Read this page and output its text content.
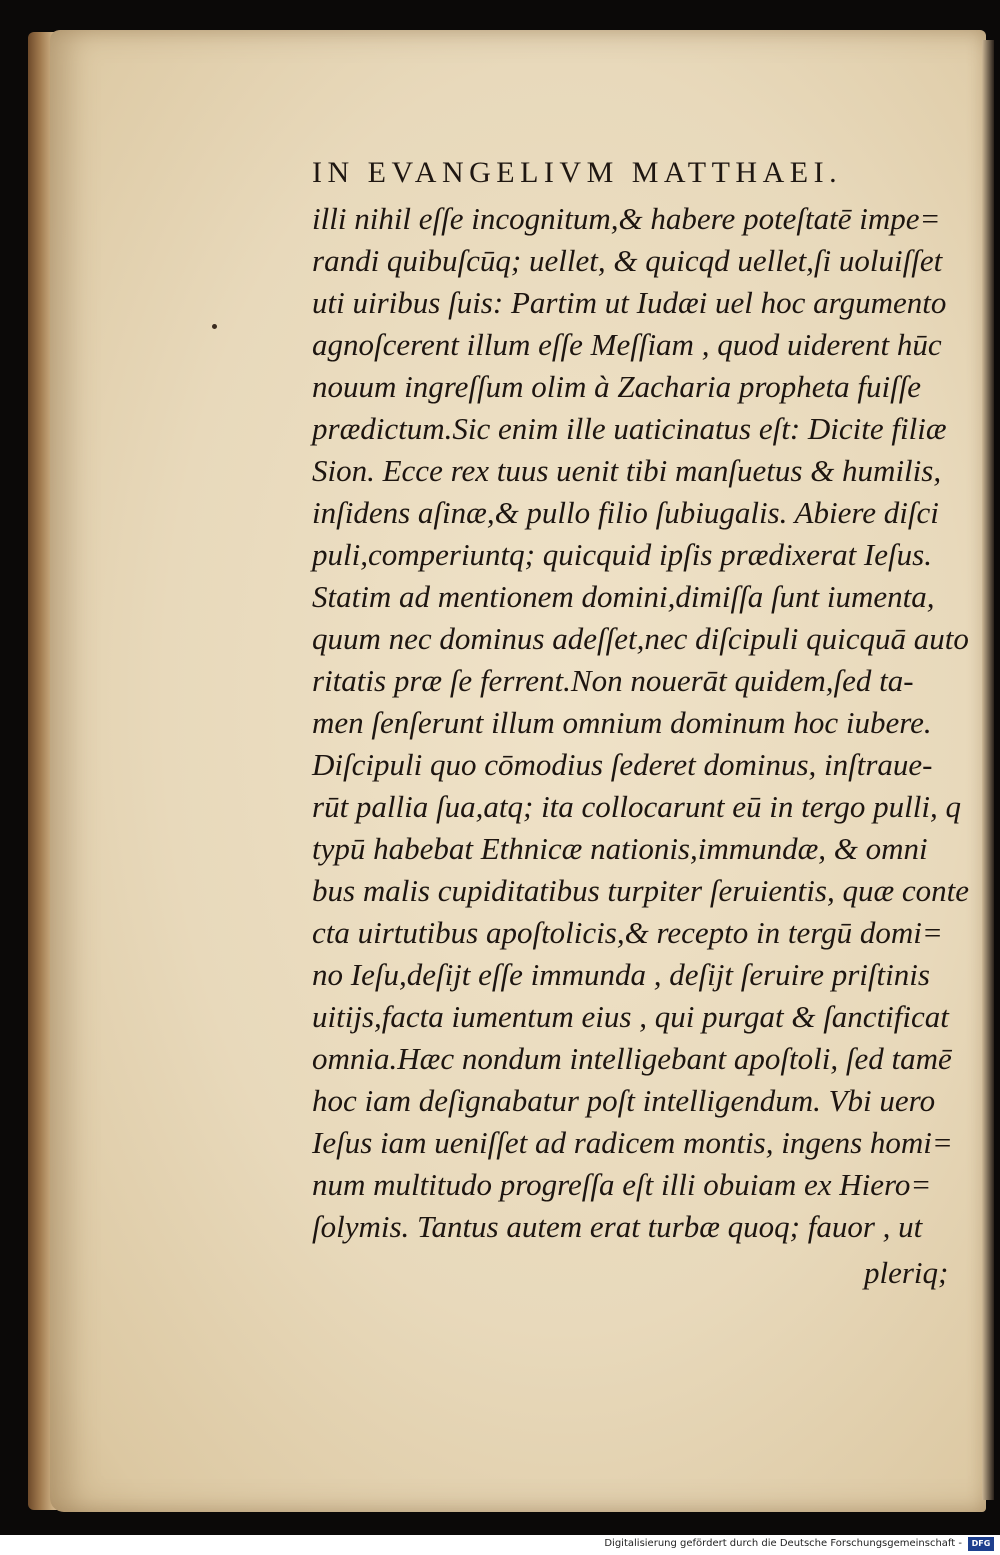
IN EVANGELIVM MATTHAEI.
illi nihil eſſe incognitum,& habere poteſtatē impe=
randi quibuſcūq; uellet, & quicqd uellet,ſi uoluiſſet
uti uiribus ſuis: Partim ut Iudæi uel hoc argumento
agnoſcerent illum eſſe Meſſiam , quod uiderent hūc
nouum ingreſſum olim à Zacharia propheta fuiſſe
prædictum.Sic enim ille uaticinatus eſt: Dicite filiæ
Sion. Ecce rex tuus uenit tibi manſuetus & humilis,
inſidens aſinæ,& pullo filio ſubiugalis. Abiere diſci
puli,comperiuntq; quicquid ipſis prædixerat Ieſus.
Statim ad mentionem domini,dimiſſa ſunt iumenta,
quum nec dominus adeſſet,nec diſcipuli quicquā auto
ritatis præ ſe ferrent.Non nouerāt quidem,ſed ta-
men ſenſerunt illum omnium dominum hoc iubere.
Diſcipuli quo cōmodius ſederet dominus, inſtraue-
rūt pallia ſua,atq; ita collocarunt eū in tergo pulli, q
typū habebat Ethnicæ nationis,immundæ, & omni
bus malis cupiditatibus turpiter ſeruientis, quæ conte
cta uirtutibus apoſtolicis,& recepto in tergū domi=
no Ieſu,deſijt eſſe immunda , deſijt ſeruire priſtinis
uitijs,facta iumentum eius , qui purgat & ſanctificat
omnia.Hæc nondum intelligebant apoſtoli, ſed tamē
hoc iam deſignabatur poſt intelligendum. Vbi uero
Ieſus iam ueniſſet ad radicem montis, ingens homi=
num multitudo progreſſa eſt illi obuiam ex Hiero=
ſolymis. Tantus autem erat turbæ quoq; fauor , ut
pleriq;
Digitalisierung gefördert durch die Deutsche Forschungsgemeinschaft -	DFG
